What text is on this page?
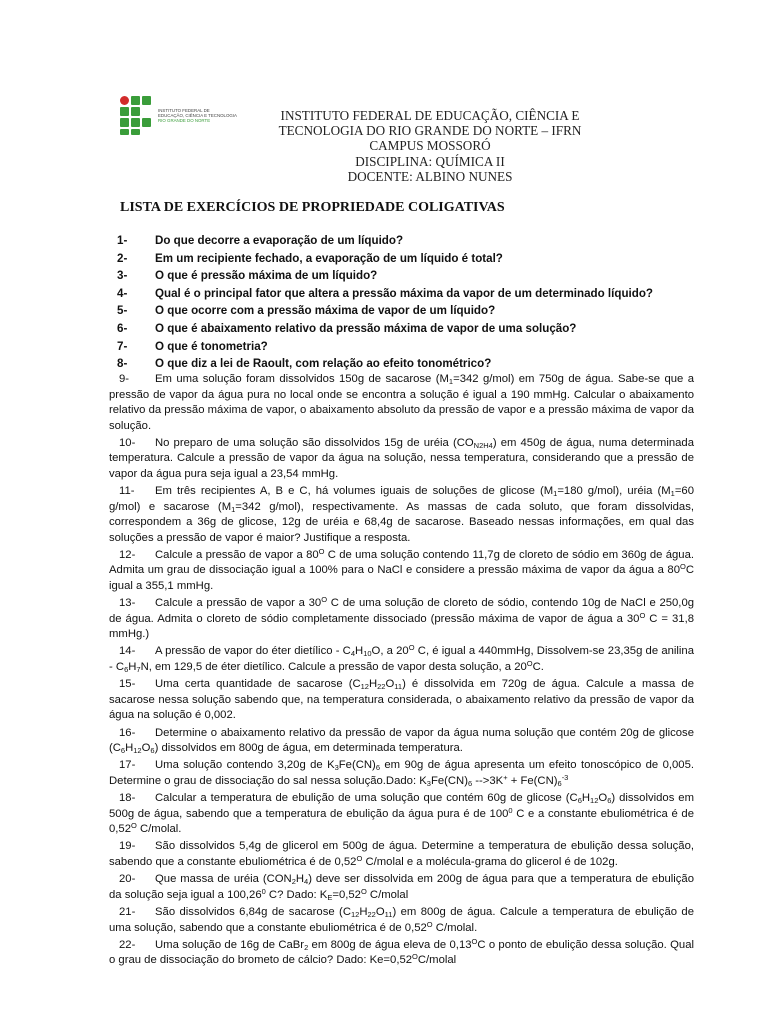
INSTITUTO FEDERAL DE
EDUCAÇÃO, CIÊNCIA E TECNOLOGIA
RIO GRANDE DO NORTE	INSTITUTO FEDERAL DE EDUCAÇÃO, CIÊNCIA E
TECNOLOGIA DO RIO GRANDE DO NORTE – IFRN
CAMPUS MOSSORÓ
DISCIPLINA: QUÍMICA II
DOCENTE: ALBINO NUNES
LISTA DE EXERCÍCIOS DE PROPRIEDADE COLIGATIVAS
1- Do que decorre a evaporação de um líquido?
2- Em um recipiente fechado, a evaporação de um líquido é total?
3- O que é pressão máxima de um líquido?
4- Qual é o principal fator que altera a pressão máxima da vapor de um determinado líquido?
5- O que ocorre com a pressão máxima de vapor de um líquido?
6- O que é abaixamento relativo da pressão máxima de vapor de uma solução?
7- O que é tonometria?
8- O que diz a lei de Raoult, com relação ao efeito tonométrico?

9- Em uma solução foram dissolvidos 150g de sacarose ($M_1=342$ g/mol) em 750g de água. Sabe-se que a pressão de vapor da água pura no local onde se encontra a solução é igual a 190 mmHg. Calcular o abaixamento relativo da pressão máxima de vapor, o abaixamento absoluto da pressão de vapor e a pressão máxima de vapor da solução.

10- No preparo de uma solução são dissolvidos 15g de uréia $(CO_{N2H4})$ em 450g de água, numa determinada temperatura. Calcule a pressão de vapor da água na solução, nessa temperatura, considerando que a pressão de vapor da água pura seja igual a 23,54 mmHg.

11- Em três recipientes A, B e C, há volumes iguais de soluções de glicose ($M_1=180$ g/mol), uréia ($M_1=60$ g/mol) e sacarose ($M_1=342$ g/mol), respectivamente. As massas de cada soluto, que foram dissolvidas, correspondem a 36g de glicose, 12g de uréia e 68,4g de sacarose. Baseado nessas informações, em qual das soluções a pressão de vapor é maior? Justifique a resposta.

12- Calcule a pressão de vapor a $80^O$ C de uma solução contendo 11,7g de cloreto de sódio em 360g de água. Admita um grau de dissociação igual a 100% para o NaCl e considere a pressão máxima de vapor da água a $80^OC$ igual a 355,1 mmHg.

13- Calcule a pressão de vapor a $30^O$ C de uma solução de cloreto de sódio, contendo 10g de NaCl e 250,0g de água. Admita o cloreto de sódio completamente dissociado (pressão máxima de vapor de água a $30^O$ C = 31,8 mmHg.)

14- A pressão de vapor do éter dietílico - $C_4H_{10}O$, a $20^O$ C, é igual a 440mmHg, Dissolvem-se 23,35g de anilina - $C_6H_7N$, em 129,5 de éter dietílico. Calcule a pressão de vapor desta solução, a $20^OC$.

15- Uma certa quantidade de sacarose $(C_{12}H_{22}O_{11})$ é dissolvida em 720g de água. Calcule a massa de sacarose nessa solução sabendo que, na temperatura considerada, o abaixamento relativo da pressão de vapor da água na solução é 0,002.

16- Determine o abaixamento relativo da pressão de vapor da água numa solução que contém 20g de glicose $(C_6H_{12}O_6)$ dissolvidos em 800g de água, em determinada temperatura.

17- Uma solução contendo 3,20g de $K_3Fe(CN)_6$ em 90g de água apresenta um efeito tonoscópico de 0,005. Determine o grau de dissociação do sal nessa solução.Dado: $K_3Fe(CN)_6$ $-->3K^+ + Fe(CN)_6^{-3}$

18- Calcular a temperatura de ebulição de uma solução que contém 60g de glicose $(C_6H_{12}O_6)$ dissolvidos em 500g de água, sabendo que a temperatura de ebulição da água pura é de $100^0$ C e a constante ebuliométrica é de $0,52^O$ C/molal.

19- São dissolvidos 5,4g de glicerol em 500g de água. Determine a temperatura de ebulição dessa solução, sabendo que a constante ebuliométrica é de $0,52^O$ C/molal e a molécula-grama do glicerol é de 102g.

20- Que massa de uréia $(CON_2H_4)$ deve ser dissolvida em 200g de água para que a temperatura de ebulição da solução seja igual a 100,26$^0$ C? Dado: $K_E=0,52^O$ C/molal

21- São dissolvidos 6,84g de sacarose $(C_{12}H_{22}O_{11})$ em 800g de água. Calcule a temperatura de ebulição de uma solução, sabendo que a constante ebuliométrica é de $0,52^O$ C/molal.

22- Uma solução de 16g de CaBr$_2$ em 800g de água eleva de $0,13^OC$ o ponto de ebulição dessa solução. Qual o grau de dissociação do brometo de cálcio? Dado: $Ke=0,52^OC$/molal
